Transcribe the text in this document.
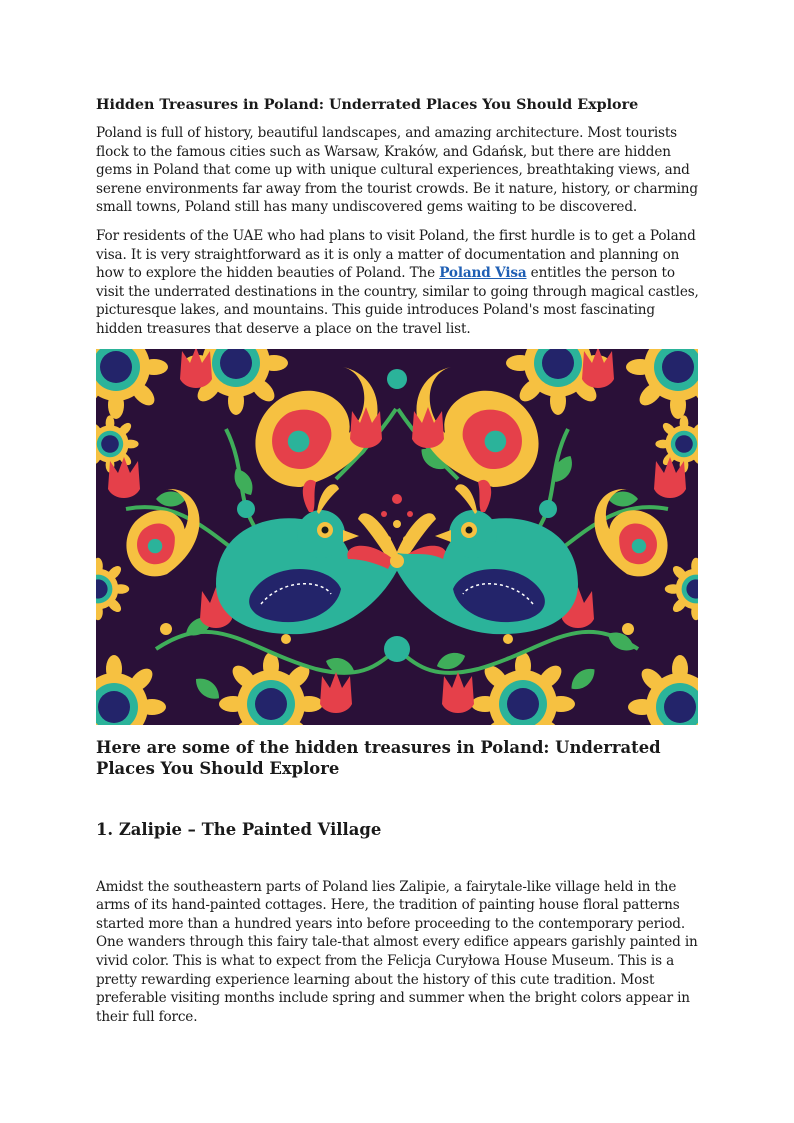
Hidden Treasures in Poland: Underrated Places You Should Explore

Poland is full of history, beautiful landscapes, and amazing architecture. Most tourists flock to the famous cities such as Warsaw, Kraków, and Gdańsk, but there are hidden gems in Poland that come up with unique cultural experiences, breathtaking views, and serene environments far away from the tourist crowds. Be it nature, history, or charming small towns, Poland still has many undiscovered gems waiting to be discovered.

For residents of the UAE who had plans to visit Poland, the first hurdle is to get a Poland visa. It is very straightforward as it is only a matter of documentation and planning on how to explore the hidden beauties of Poland. The Poland Visa entitles the person to visit the underrated destinations in the country, similar to going through magical castles, picturesque lakes, and mountains. This guide introduces Poland's most fascinating hidden treasures that deserve a place on the travel list.

Here are some of the hidden treasures in Poland: Underrated Places You Should Explore
1. Zalipie – The Painted Village

Amidst the southeastern parts of Poland lies Zalipie, a fairytale-like village held in the arms of its hand-painted cottages. Here, the tradition of painting house floral patterns started more than a hundred years into before proceeding to the contemporary period. One wanders through this fairy tale-that almost every edifice appears garishly painted in vivid color. This is what to expect from the Felicja Curyłowa House Museum. This is a pretty rewarding experience learning about the history of this cute tradition. Most preferable visiting months include spring and summer when the bright colors appear in their full force.
